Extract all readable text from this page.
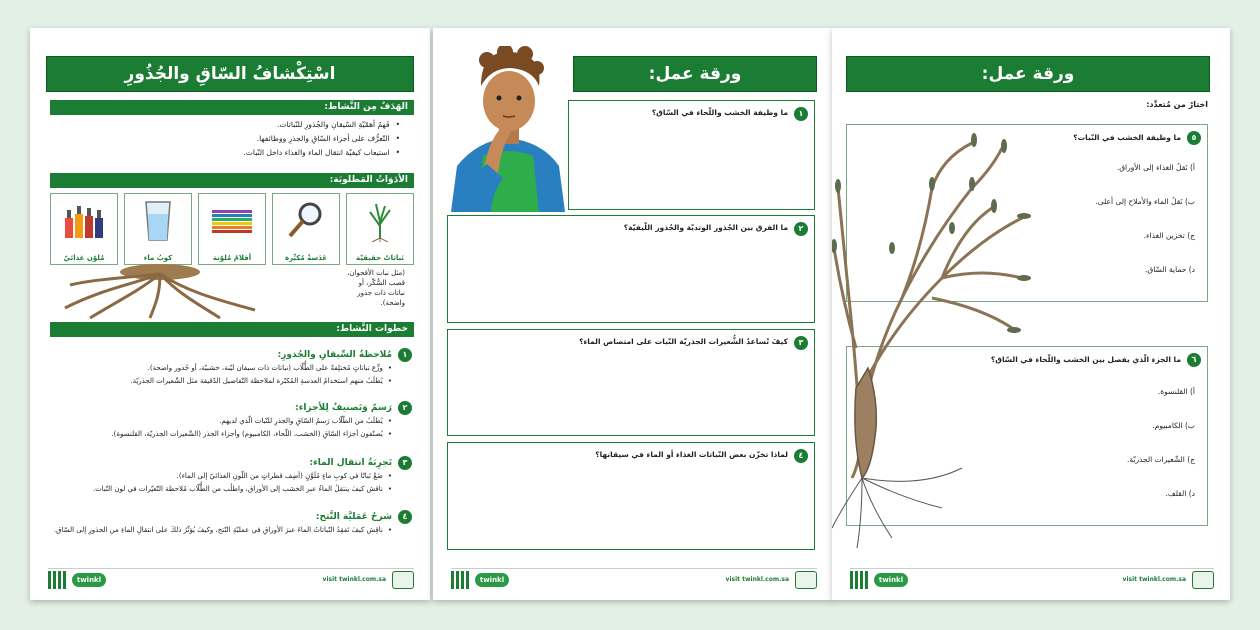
اسْتِكْشافُ السّاقِ والجُذُورِ
الهَدَفُ مِن النَّشاط:
• فَهمُ أهمّيّةِ السّيقانِ والجُذورِ للنّباتات.
• التّعرُّف على أجزاء السّاقِ والجذرِ ووظائفها.
• استيعاب كيفيّة انتقال الماء والغذاء داخل النّبات.
الأدَوَاتُ المَطلوبَة:
نَباتاتٌ حقيقيّة
عَدَسةٌ مُكبِّرة
أقلامٌ مُلوّنة
كوبُ ماء
مُلوّن غذائيّ
(مثل نبات الأقحوان، قصب السُّكّر، أو نباتات ذات جذور واضحة).
خطوات النَّشاط:
١
مُلاحظةُ السِّيقانِ والجُذورِ:
• وزِّع نباتاتٍ مُختلِفةً على الطُّلّاب (نباتات ذات سيقان ليّنة، خشبيّة، أو جُذور واضحة).
• يُطلَبُ منهم استخدامُ العدسةِ المُكبّرة لملاحظة التّفاصيل الدّقيقة مثل الشّعيرات الجذريّة.
٢
رَسمٌ وَتَصنيفٌ لِلأجزاء:
• يُطلَبُ من الطّلّاب رَسمُ السّاقِ والجذرِ للنّبات الّذي لديهم.
• يُصنّفون أجزاء السّاقِ (الخشب، اللّحاء، الكامبيوم) وأجزاء الجذر (الشّعيرات الجذريّة، القلنسوة).
٣
تَجرِبَةُ انتقال الماء:
• ضَعْ نَباتًا في كوبِ ماءٍ مُلَوَّنٍ (أضِف قطراتٍ من اللّونِ الغذائيّ إلى الماء).
• ناقش كيفَ ينتقلُ الماءُ عبر الخشب إلى الأوراق، واطلُب من الطُّلّاب مُلاحظة التّغيّرات في لون النّبات.
٤
شرحُ عَمَليَّة النَّتح:
• ناقِش كيفَ تَفقِدُ النّباتاتُ الماءَ عبرَ الأوراقِ في عمليّةِ النّتح، وكيفَ يُؤثّرُ ذلكَ على انتقالِ الماءِ من الجذورِ إلى السّاق.
twinkl	visit twinkl.com.sa
ورقة عمل:
١
ما وظيفة الخشب واللّحاء في السّاق؟
٢
ما الفرق بين الجُذور الوتديّة والجُذور اللّيفيّة؟
٣
كيفَ تُساعدُ الشُّعيرات الجذريّة النّبات على امتصاص الماء؟
٤
لماذا تخزّن بعض النّباتات الغذاء أو الماء في سيقانها؟
twinkl	visit twinkl.com.sa
ورقة عمل:
اختارْ من مُتعدِّد:
٥
ما وظيفة الخشب في النّبات؟
أ) نَقلُ الغذاء إلى الأوراق.
ب) نَقلُ الماء والأملاح إلى أعلى.
ج) تخزين الغذاء.
د) حماية السّاق.
٦
ما الجزء الّذي يفصل بين الخشب واللّحاء في السّاق؟
أ) القلنسوة.
ب) الكامبيوم.
ج) الشّعيرات الجذريّة.
د) القلف.
twinkl	visit twinkl.com.sa
